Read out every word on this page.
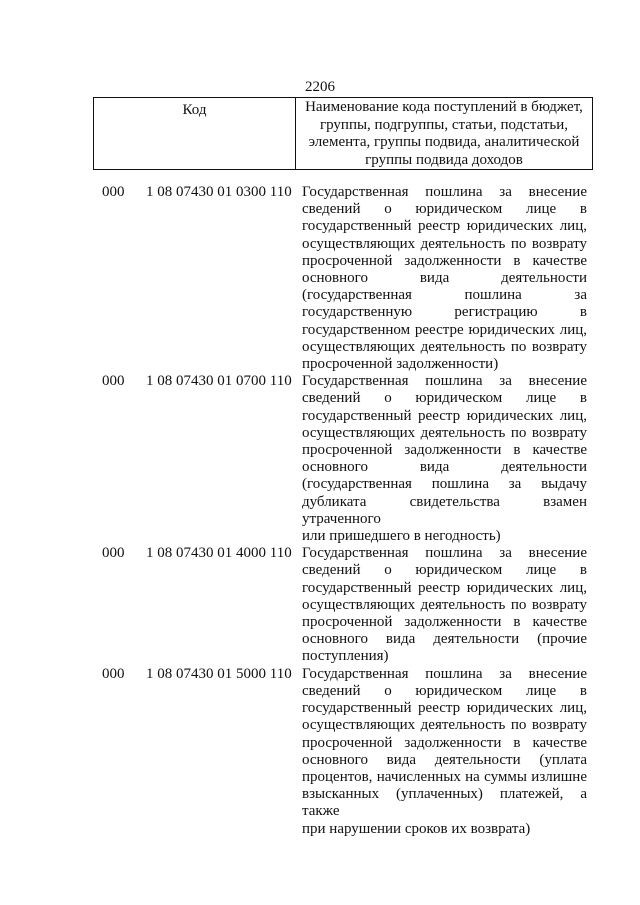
2206
Код	Наименование кода поступлений в бюджет, группы, подгруппы, статьи, подстатьи, элемента, группы подвида, аналитической группы подвида доходов
000 1 08 07430 01 0300 110 Государственная пошлина за внесение
сведений о юридическом лице в
государственный реестр юридических лиц,
осуществляющих деятельность по возврату
просроченной задолженности в качестве
основного вида деятельности
(государственная пошлина за
государственную регистрацию в
государственном реестре юридических лиц,
осуществляющих деятельность по возврату
просроченной задолженности)
000 1 08 07430 01 0700 110 Государственная пошлина за внесение
сведений о юридическом лице в
государственный реестр юридических лиц,
осуществляющих деятельность по возврату
просроченной задолженности в качестве
основного вида деятельности
(государственная пошлина за выдачу
дубликата свидетельства взамен утраченного
или пришедшего в негодность)
000 1 08 07430 01 4000 110 Государственная пошлина за внесение
сведений о юридическом лице в
государственный реестр юридических лиц,
осуществляющих деятельность по возврату
просроченной задолженности в качестве
основного вида деятельности (прочие
поступления)
000 1 08 07430 01 5000 110 Государственная пошлина за внесение
сведений о юридическом лице в
государственный реестр юридических лиц,
осуществляющих деятельность по возврату
просроченной задолженности в качестве
основного вида деятельности (уплата
процентов, начисленных на суммы излишне
взысканных (уплаченных) платежей, а также
при нарушении сроков их возврата)
